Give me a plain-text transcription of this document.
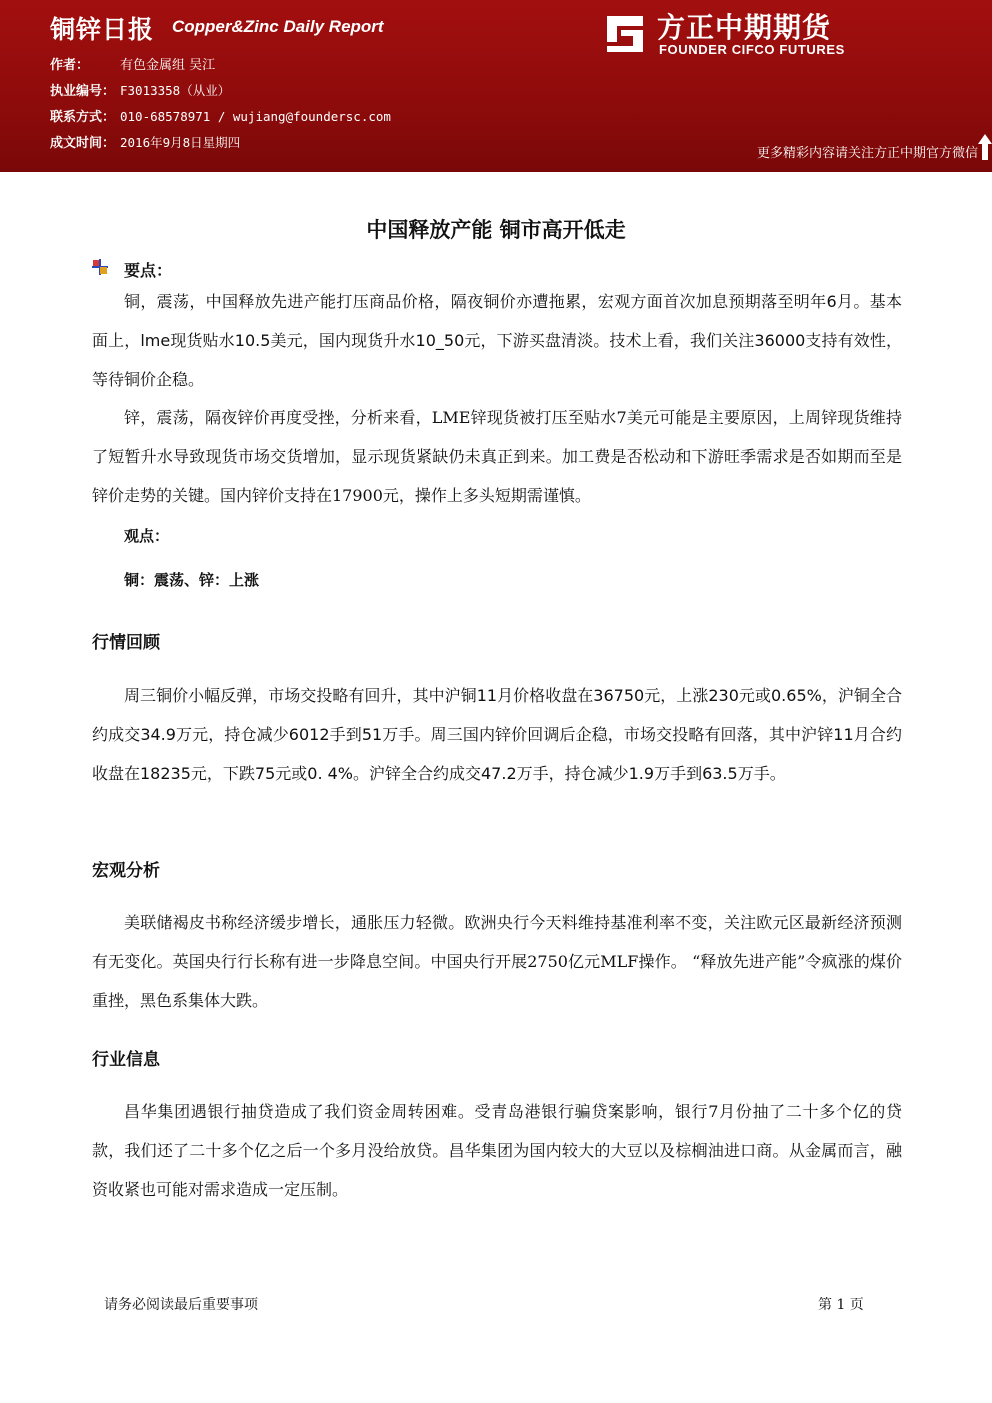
铜锌日报 Copper&Zinc Daily Report
作者： 有色金属组 吴江
执业编号： F3013358（从业）
联系方式： 010-68578971 / wujiang@foundersc.com
成文时间： 2016年9月8日星期四
方正中期期货
FOUNDER CIFCO FUTURES
更多精彩内容请关注方正中期官方微信
中国释放产能 铜市高开低走
要点：
铜，震荡，中国释放先进产能打压商品价格，隔夜铜价亦遭拖累，宏观方面首次加息预期落至明年6月。基本面上，lme现货贴水10.5美元，国内现货升水10_50元，下游买盘清淡。技术上看，我们关注36000支持有效性，等待铜价企稳。
锌，震荡，隔夜锌价再度受挫，分析来看，LME锌现货被打压至贴水7美元可能是主要原因，上周锌现货维持了短暂升水导致现货市场交货增加，显示现货紧缺仍未真正到来。加工费是否松动和下游旺季需求是否如期而至是锌价走势的关键。国内锌价支持在17900元，操作上多头短期需谨慎。
观点：
铜：震荡、锌：上涨
行情回顾
周三铜价小幅反弹，市场交投略有回升，其中沪铜11月价格收盘在36750元，上涨230元或0.65%，沪铜全合约成交34.9万元，持仓减少6012手到51万手。周三国内锌价回调后企稳，市场交投略有回落，其中沪锌11月合约收盘在18235元，下跌75元或0. 4%。沪锌全合约成交47.2万手，持仓减少1.9万手到63.5万手。
宏观分析
美联储褐皮书称经济缓步增长，通胀压力轻微。欧洲央行今天料维持基准利率不变，关注欧元区最新经济预测有无变化。英国央行行长称有进一步降息空间。中国央行开展2750亿元MLF操作。 “释放先进产能”令疯涨的煤价重挫，黑色系集体大跌。
行业信息
昌华集团遇银行抽贷造成了我们资金周转困难。受青岛港银行骗贷案影响，银行7月份抽了二十多个亿的贷款，我们还了二十多个亿之后一个多月没给放贷。昌华集团为国内较大的大豆以及棕榈油进口商。从金属而言，融资收紧也可能对需求造成一定压制。
请务必阅读最后重要事项	第 1 页
